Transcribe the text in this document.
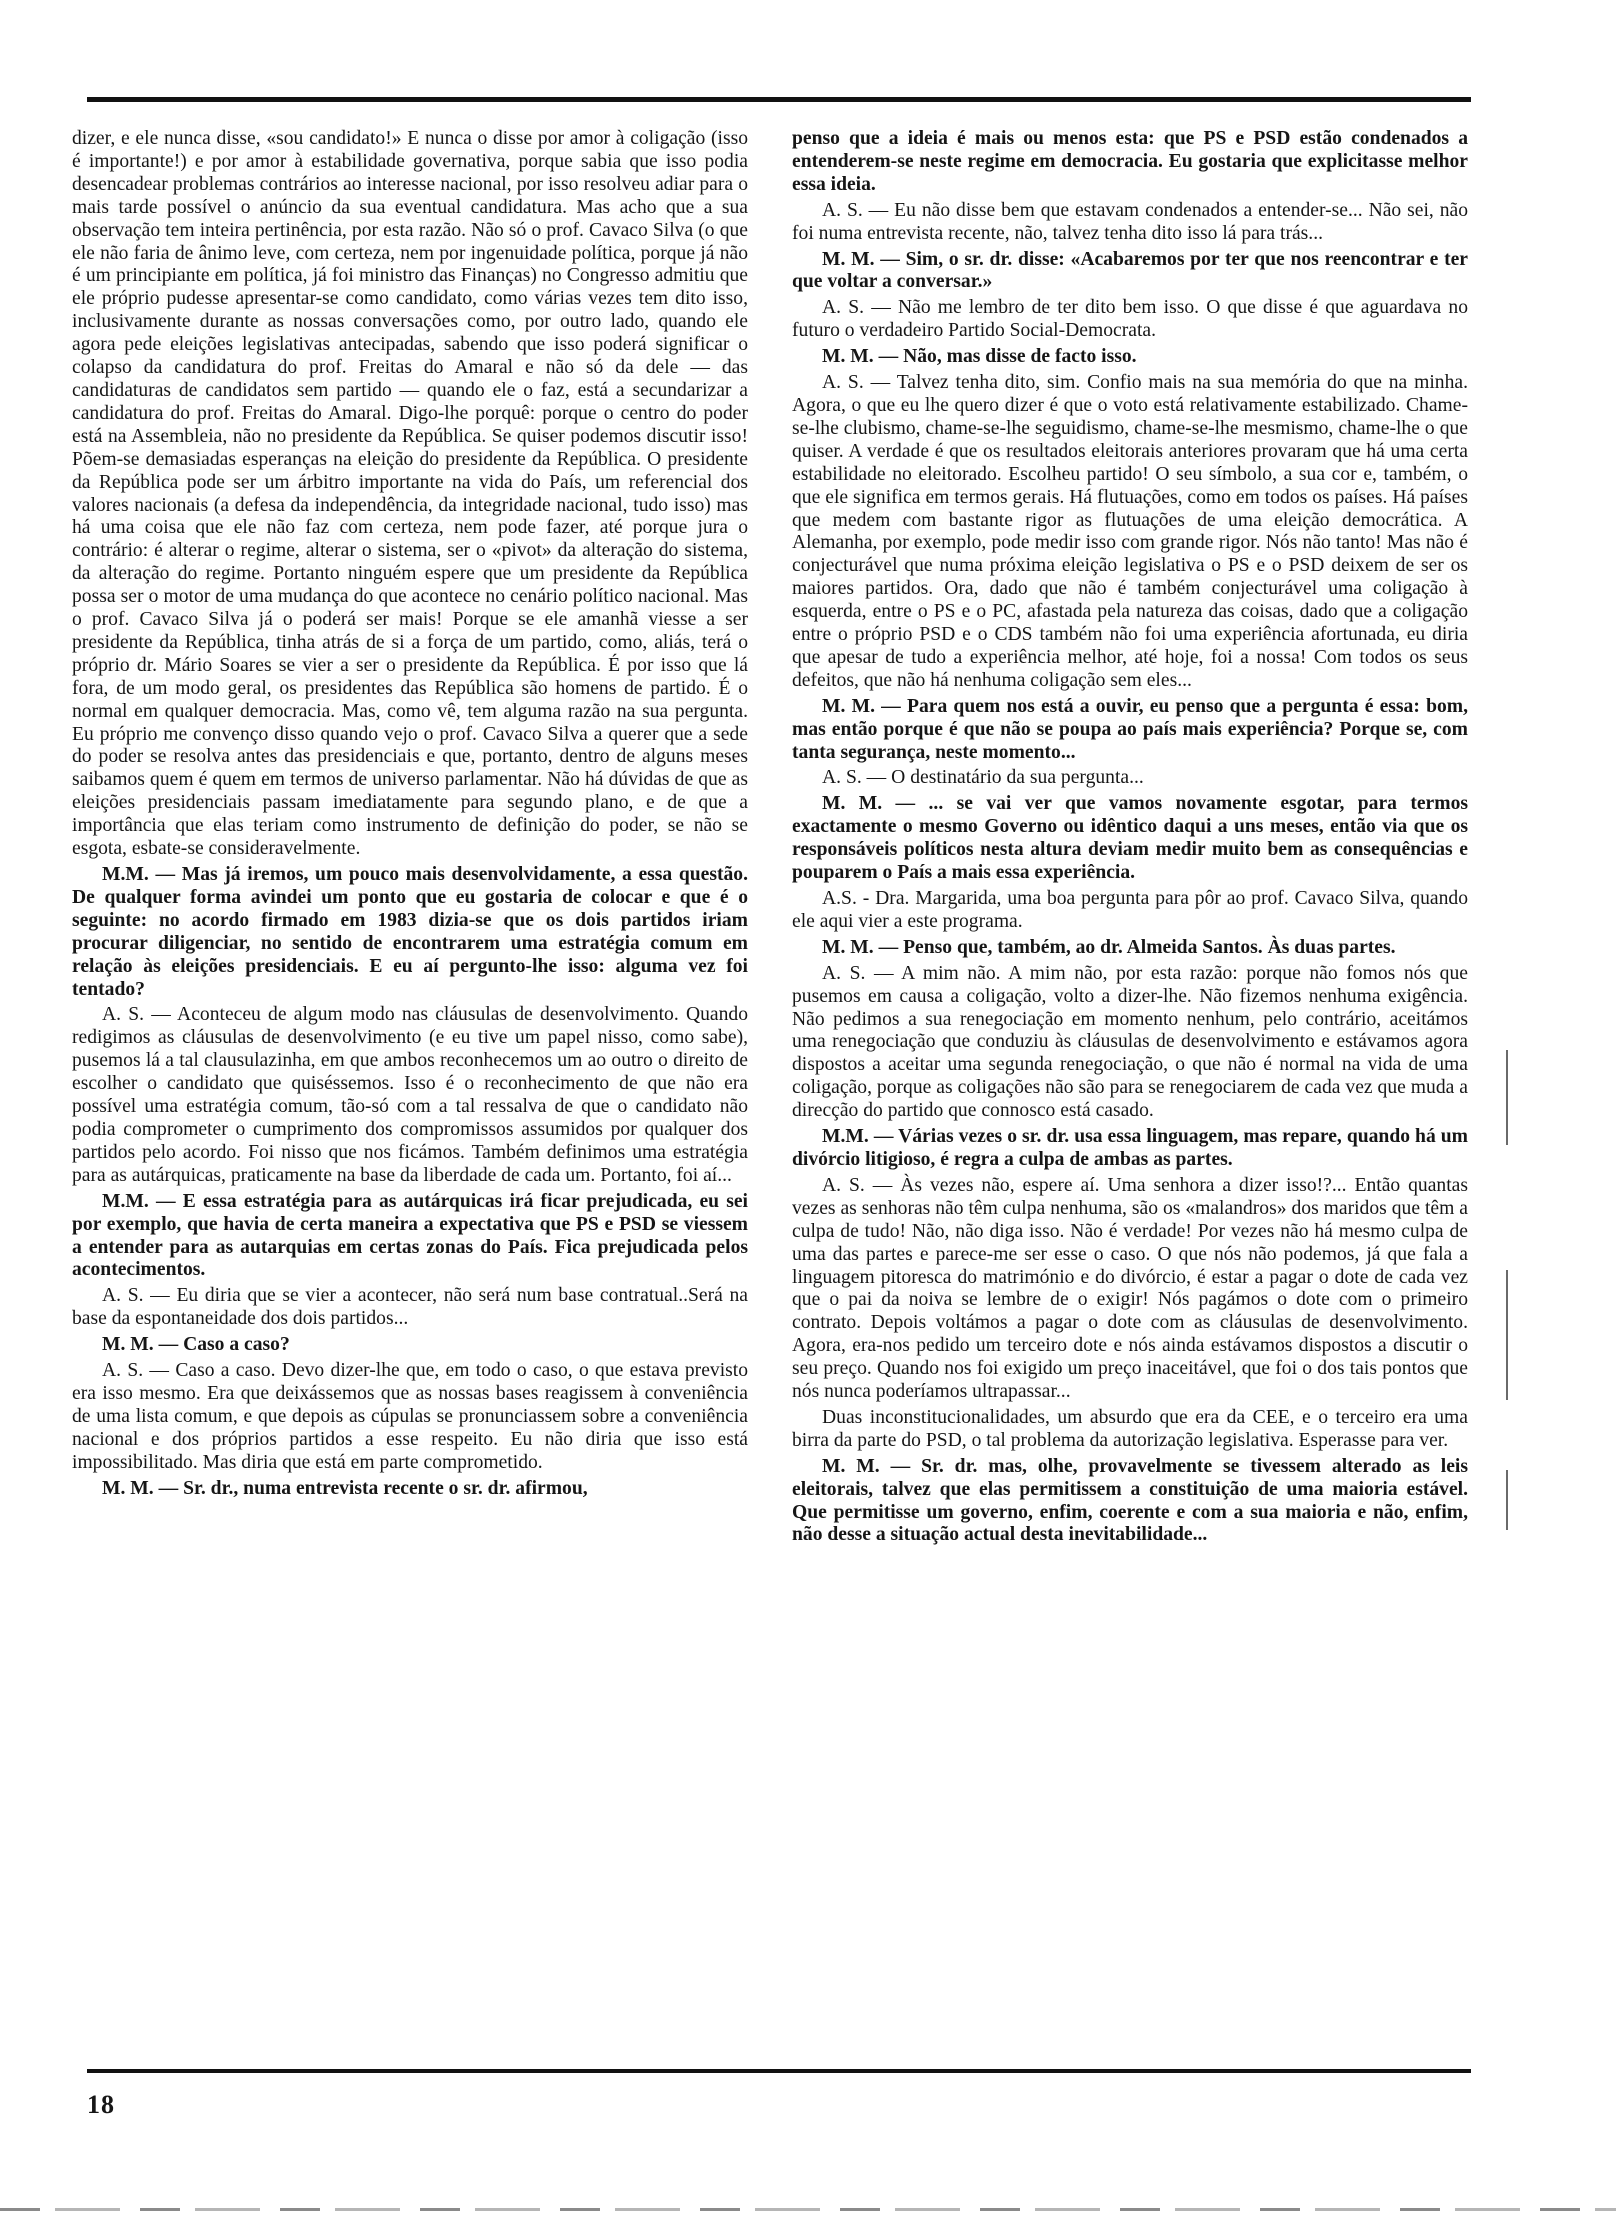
dizer, e ele nunca disse, «sou candidato!» E nunca o disse por amor à coligação (isso é importante!) e por amor à estabilidade governativa, porque sabia que isso podia desencadear problemas contrários ao interesse nacional, por isso resolveu adiar para o mais tarde possível o anúncio da sua eventual candidatura. Mas acho que a sua observação tem inteira pertinência, por esta razão. Não só o prof. Cavaco Silva (o que ele não faria de ânimo leve, com certeza, nem por ingenuidade política, porque já não é um principiante em política, já foi ministro das Finanças) no Congresso admitiu que ele próprio pudesse apresentar-se como candidato, como várias vezes tem dito isso, inclusivamente durante as nossas conversações como, por outro lado, quando ele agora pede eleições legislativas antecipadas, sabendo que isso poderá significar o colapso da candidatura do prof. Freitas do Amaral e não só da dele — das candidaturas de candidatos sem partido — quando ele o faz, está a secundarizar a candidatura do prof. Freitas do Amaral. Digo-lhe porquê: porque o centro do poder está na Assembleia, não no presidente da República. Se quiser podemos discutir isso! Põem-se demasiadas esperanças na eleição do presidente da República. O presidente da República pode ser um árbitro importante na vida do País, um referencial dos valores nacionais (a defesa da independência, da integridade nacional, tudo isso) mas há uma coisa que ele não faz com certeza, nem pode fazer, até porque jura o contrário: é alterar o regime, alterar o sistema, ser o «pivot» da alteração do sistema, da alteração do regime. Portanto ninguém espere que um presidente da República possa ser o motor de uma mudança do que acontece no cenário político nacional. Mas o prof. Cavaco Silva já o poderá ser mais! Porque se ele amanhã viesse a ser presidente da República, tinha atrás de si a força de um partido, como, aliás, terá o próprio dr. Mário Soares se vier a ser o presidente da República. É por isso que lá fora, de um modo geral, os presidentes das República são homens de partido. É o normal em qualquer democracia. Mas, como vê, tem alguma razão na sua pergunta. Eu próprio me convenço disso quando vejo o prof. Cavaco Silva a querer que a sede do poder se resolva antes das presidenciais e que, portanto, dentro de alguns meses saibamos quem é quem em termos de universo parlamentar. Não há dúvidas de que as eleições presidenciais passam imediatamente para segundo plano, e de que a importância que elas teriam como instrumento de definição do poder, se não se esgota, esbate-se consideravelmente.

M.M. — Mas já iremos, um pouco mais desenvolvidamente, a essa questão. De qualquer forma avindei um ponto que eu gostaria de colocar e que é o seguinte: no acordo firmado em 1983 dizia-se que os dois partidos iriam procurar diligenciar, no sentido de encontrarem uma estratégia comum em relação às eleições presidenciais. E eu aí pergunto-lhe isso: alguma vez foi tentado?

A. S. — Aconteceu de algum modo nas cláusulas de desenvolvimento. Quando redigimos as cláusulas de desenvolvimento (e eu tive um papel nisso, como sabe), pusemos lá a tal clausulazinha, em que ambos reconhecemos um ao outro o direito de escolher o candidato que quiséssemos. Isso é o reconhecimento de que não era possível uma estratégia comum, tão-só com a tal ressalva de que o candidato não podia comprometer o cumprimento dos compromissos assumidos por qualquer dos partidos pelo acordo. Foi nisso que nos ficámos. Também definimos uma estratégia para as autárquicas, praticamente na base da liberdade de cada um. Portanto, foi aí...

M.M. — E essa estratégia para as autárquicas irá ficar prejudicada, eu sei por exemplo, que havia de certa maneira a expectativa que PS e PSD se viessem a entender para as autarquias em certas zonas do País. Fica prejudicada pelos acontecimentos.

A. S. — Eu diria que se vier a acontecer, não será num base contratual..Será na base da espontaneidade dos dois partidos...

M. M. — Caso a caso?

A. S. — Caso a caso. Devo dizer-lhe que, em todo o caso, o que estava previsto era isso mesmo. Era que deixássemos que as nossas bases reagissem à conveniência de uma lista comum, e que depois as cúpulas se pronunciassem sobre a conveniência nacional e dos próprios partidos a esse respeito. Eu não diria que isso está impossibilitado. Mas diria que está em parte comprometido.

M. M. — Sr. dr., numa entrevista recente o sr. dr. afirmou,

penso que a ideia é mais ou menos esta: que PS e PSD estão condenados a entenderem-se neste regime em democracia. Eu gostaria que explicitasse melhor essa ideia.

A. S. — Eu não disse bem que estavam condenados a entender-se... Não sei, não foi numa entrevista recente, não, talvez tenha dito isso lá para trás...

M. M. — Sim, o sr. dr. disse: «Acabaremos por ter que nos reencontrar e ter que voltar a conversar.»

A. S. — Não me lembro de ter dito bem isso. O que disse é que aguardava no futuro o verdadeiro Partido Social-Democrata.

M. M. — Não, mas disse de facto isso.

A. S. — Talvez tenha dito, sim. Confio mais na sua memória do que na minha. Agora, o que eu lhe quero dizer é que o voto está relativamente estabilizado. Chame-se-lhe clubismo, chame-se-lhe seguidismo, chame-se-lhe mesmismo, chame-lhe o que quiser. A verdade é que os resultados eleitorais anteriores provaram que há uma certa estabilidade no eleitorado. Escolheu partido! O seu símbolo, a sua cor e, também, o que ele significa em termos gerais. Há flutuações, como em todos os países. Há países que medem com bastante rigor as flutuações de uma eleição democrática. A Alemanha, por exemplo, pode medir isso com grande rigor. Nós não tanto! Mas não é conjecturável que numa próxima eleição legislativa o PS e o PSD deixem de ser os maiores partidos. Ora, dado que não é também conjecturável uma coligação à esquerda, entre o PS e o PC, afastada pela natureza das coisas, dado que a coligação entre o próprio PSD e o CDS também não foi uma experiência afortunada, eu diria que apesar de tudo a experiência melhor, até hoje, foi a nossa! Com todos os seus defeitos, que não há nenhuma coligação sem eles...

M. M. — Para quem nos está a ouvir, eu penso que a pergunta é essa: bom, mas então porque é que não se poupa ao país mais experiência? Porque se, com tanta segurança, neste momento...

A. S. — O destinatário da sua pergunta...

M. M. — ... se vai ver que vamos novamente esgotar, para termos exactamente o mesmo Governo ou idêntico daqui a uns meses, então via que os responsáveis políticos nesta altura deviam medir muito bem as consequências e pouparem o País a mais essa experiência.

A.S. - Dra. Margarida, uma boa pergunta para pôr ao prof. Cavaco Silva, quando ele aqui vier a este programa.

M. M. — Penso que, também, ao dr. Almeida Santos. Às duas partes.

A. S. — A mim não. A mim não, por esta razão: porque não fomos nós que pusemos em causa a coligação, volto a dizer-lhe. Não fizemos nenhuma exigência. Não pedimos a sua renegociação em momento nenhum, pelo contrário, aceitámos uma renegociação que conduziu às cláusulas de desenvolvimento e estávamos agora dispostos a aceitar uma segunda renegociação, o que não é normal na vida de uma coligação, porque as coligações não são para se renegociarem de cada vez que muda a direcção do partido que connosco está casado.

M.M. — Várias vezes o sr. dr. usa essa linguagem, mas repare, quando há um divórcio litigioso, é regra a culpa de ambas as partes.

A. S. — Às vezes não, espere aí. Uma senhora a dizer isso!?... Então quantas vezes as senhoras não têm culpa nenhuma, são os «malandros» dos maridos que têm a culpa de tudo! Não, não diga isso. Não é verdade! Por vezes não há mesmo culpa de uma das partes e parece-me ser esse o caso. O que nós não podemos, já que fala a linguagem pitoresca do matrimónio e do divórcio, é estar a pagar o dote de cada vez que o pai da noiva se lembre de o exigir! Nós pagámos o dote com o primeiro contrato. Depois voltámos a pagar o dote com as cláusulas de desenvolvimento. Agora, era-nos pedido um terceiro dote e nós ainda estávamos dispostos a discutir o seu preço. Quando nos foi exigido um preço inaceitável, que foi o dos tais pontos que nós nunca poderíamos ultrapassar...

Duas inconstitucionalidades, um absurdo que era da CEE, e o terceiro era uma birra da parte do PSD, o tal problema da autorização legislativa. Esperasse para ver.

M. M. — Sr. dr. mas, olhe, provavelmente se tivessem alterado as leis eleitorais, talvez que elas permitissem a constituição de uma maioria estável. Que permitisse um governo, enfim, coerente e com a sua maioria e não, enfim, não desse a situação actual desta inevitabilidade...

18
